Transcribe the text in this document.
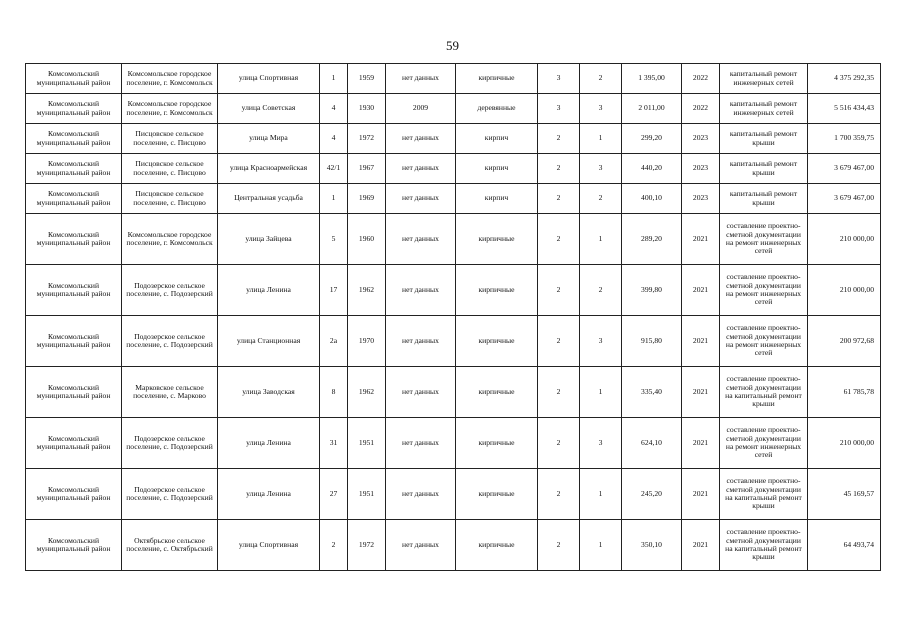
59
Комсомольский муниципальный район	Комсомольское городское поселение, г. Комсомольск	улица Спортивная	1	1959	нет данных	кирпичные	3	2	1 395,00	2022	капитальный ремонт инженерных сетей	4 375 292,35
Комсомольский муниципальный район	Комсомольское городское поселение, г. Комсомольск	улица Советская	4	1930	2009	деревянные	3	3	2 011,00	2022	капитальный ремонт инженерных сетей	5 516 434,43
Комсомольский муниципальный район	Писцовское сельское поселение, с. Писцово	улица Мира	4	1972	нет данных	кирпич	2	1	299,20	2023	капитальный ремонт крыши	1 700 359,75
Комсомольский муниципальный район	Писцовское сельское поселение, с. Писцово	улица Красноармейская	42/1	1967	нет данных	кирпич	2	3	440,20	2023	капитальный ремонт крыши	3 679 467,00
Комсомольский муниципальный район	Писцовское сельское поселение, с. Писцово	Центральная усадьба	1	1969	нет данных	кирпич	2	2	400,10	2023	капитальный ремонт крыши	3 679 467,00
Комсомольский муниципальный район	Комсомольское городское поселение, г. Комсомольск	улица Зайцева	5	1960	нет данных	кирпичные	2	1	289,20	2021	составление проектно-сметной документации на ремонт инженерных сетей	210 000,00
Комсомольский муниципальный район	Подозерское сельское поселение, с. Подозерский	улица Ленина	17	1962	нет данных	кирпичные	2	2	399,80	2021	составление проектно-сметной документации на ремонт инженерных сетей	210 000,00
Комсомольский муниципальный район	Подозерское сельское поселение, с. Подозерский	улица Станционная	2а	1970	нет данных	кирпичные	2	3	915,80	2021	составление проектно-сметной документации на ремонт инженерных сетей	200 972,68
Комсомольский муниципальный район	Марковское сельское поселение, с. Марково	улица Заводская	8	1962	нет данных	кирпичные	2	1	335,40	2021	составление проектно-сметной документации на капитальный ремонт крыши	61 785,78
Комсомольский муниципальный район	Подозерское сельское поселение, с. Подозерский	улица Ленина	31	1951	нет данных	кирпичные	2	3	624,10	2021	составление проектно-сметной документации на ремонт инженерных сетей	210 000,00
Комсомольский муниципальный район	Подозерское сельское поселение, с. Подозерский	улица Ленина	27	1951	нет данных	кирпичные	2	1	245,20	2021	составление проектно-сметной документации на капитальный ремонт крыши	45 169,57
Комсомольский муниципальный район	Октябрьское сельское поселение, с. Октябрьский	улица Спортивная	2	1972	нет данных	кирпичные	2	1	350,10	2021	составление проектно-сметной документации на капитальный ремонт крыши	64 493,74
